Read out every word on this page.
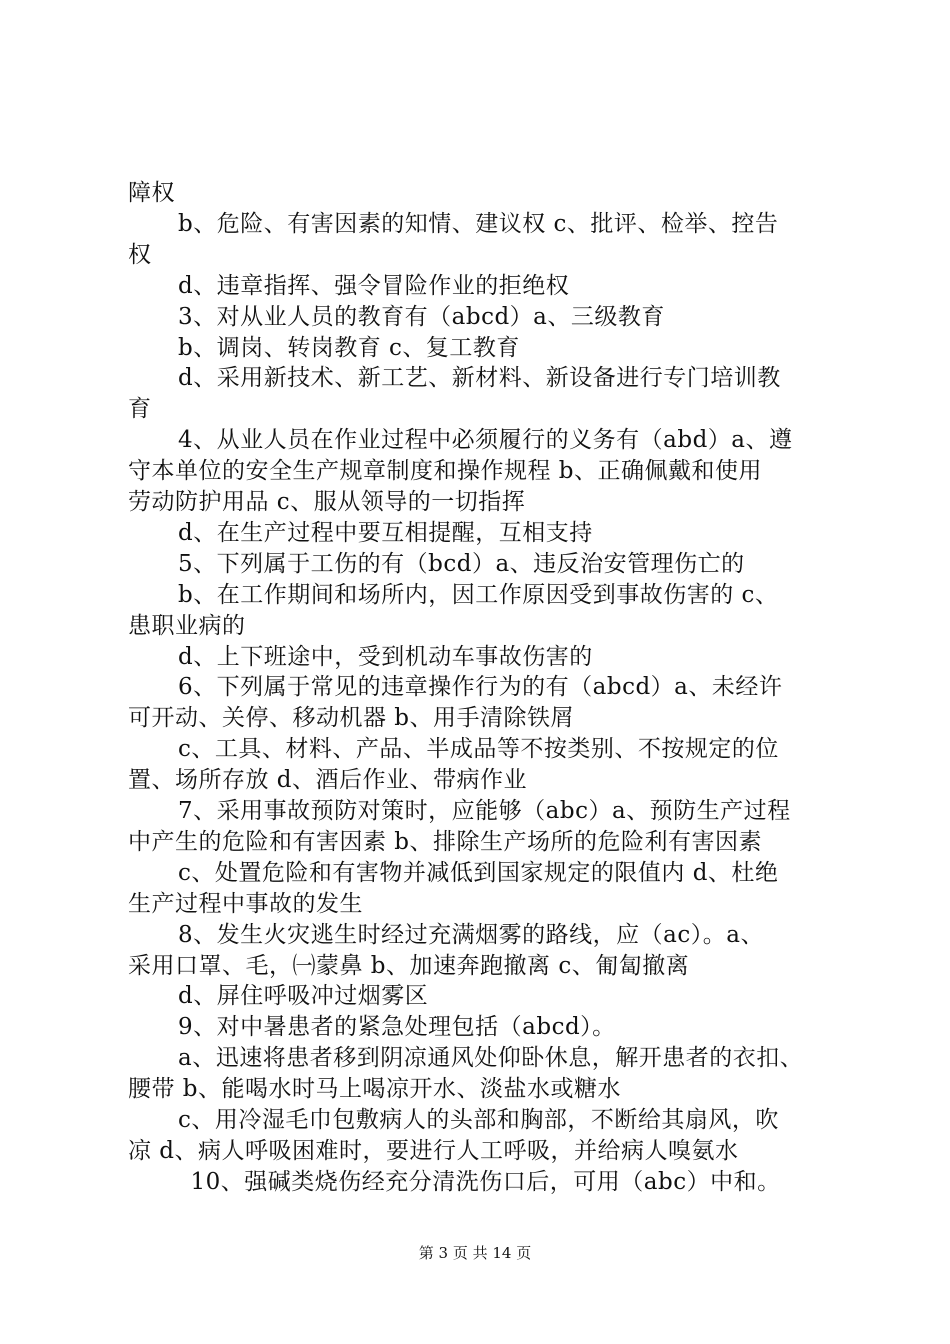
障权
b、危险、有害因素的知情、建议权 c、批评、检举、控告
权
d、违章指挥、强令冒险作业的拒绝权
3、对从业人员的教育有（abcd）a、三级教育
b、调岗、转岗教育 c、复工教育
d、采用新技术、新工艺、新材料、新设备进行专门培训教
育
4、从业人员在作业过程中必须履行的义务有（abd）a、遵
守本单位的安全生产规章制度和操作规程 b、正确佩戴和使用
劳动防护用品 c、服从领导的一切指挥
d、在生产过程中要互相提醒，互相支持
5、下列属于工伤的有（bcd）a、违反治安管理伤亡的
b、在工作期间和场所内，因工作原因受到事故伤害的 c、
患职业病的
d、上下班途中，受到机动车事故伤害的
6、下列属于常见的违章操作行为的有（abcd）a、未经许
可开动、关停、移动机器 b、用手清除铁屑
c、工具、材料、产品、半成品等不按类别、不按规定的位
置、场所存放 d、酒后作业、带病作业
7、采用事故预防对策时，应能够（abc）a、预防生产过程
中产生的危险和有害因素 b、排除生产场所的危险利有害因素
c、处置危险和有害物并减低到国家规定的限值内 d、杜绝
生产过程中事故的发生
8、发生火灾逃生时经过充满烟雾的路线，应（ac）。a、
采用口罩、毛，㈠蒙鼻 b、加速奔跑撤离 c、匍匐撤离
d、屏住呼吸冲过烟雾区
9、对中暑患者的紧急处理包括（abcd）。
a、迅速将患者移到阴凉通风处仰卧休息，解开患者的衣扣、
腰带 b、能喝水时马上喝凉开水、淡盐水或糖水
c、用冷湿毛巾包敷病人的头部和胸部，不断给其扇风，吹
凉 d、病人呼吸困难时，要进行人工呼吸，并给病人嗅氨水
10、强碱类烧伤经充分清洗伤口后，可用（abc）中和。
第 3 页 共 14 页
